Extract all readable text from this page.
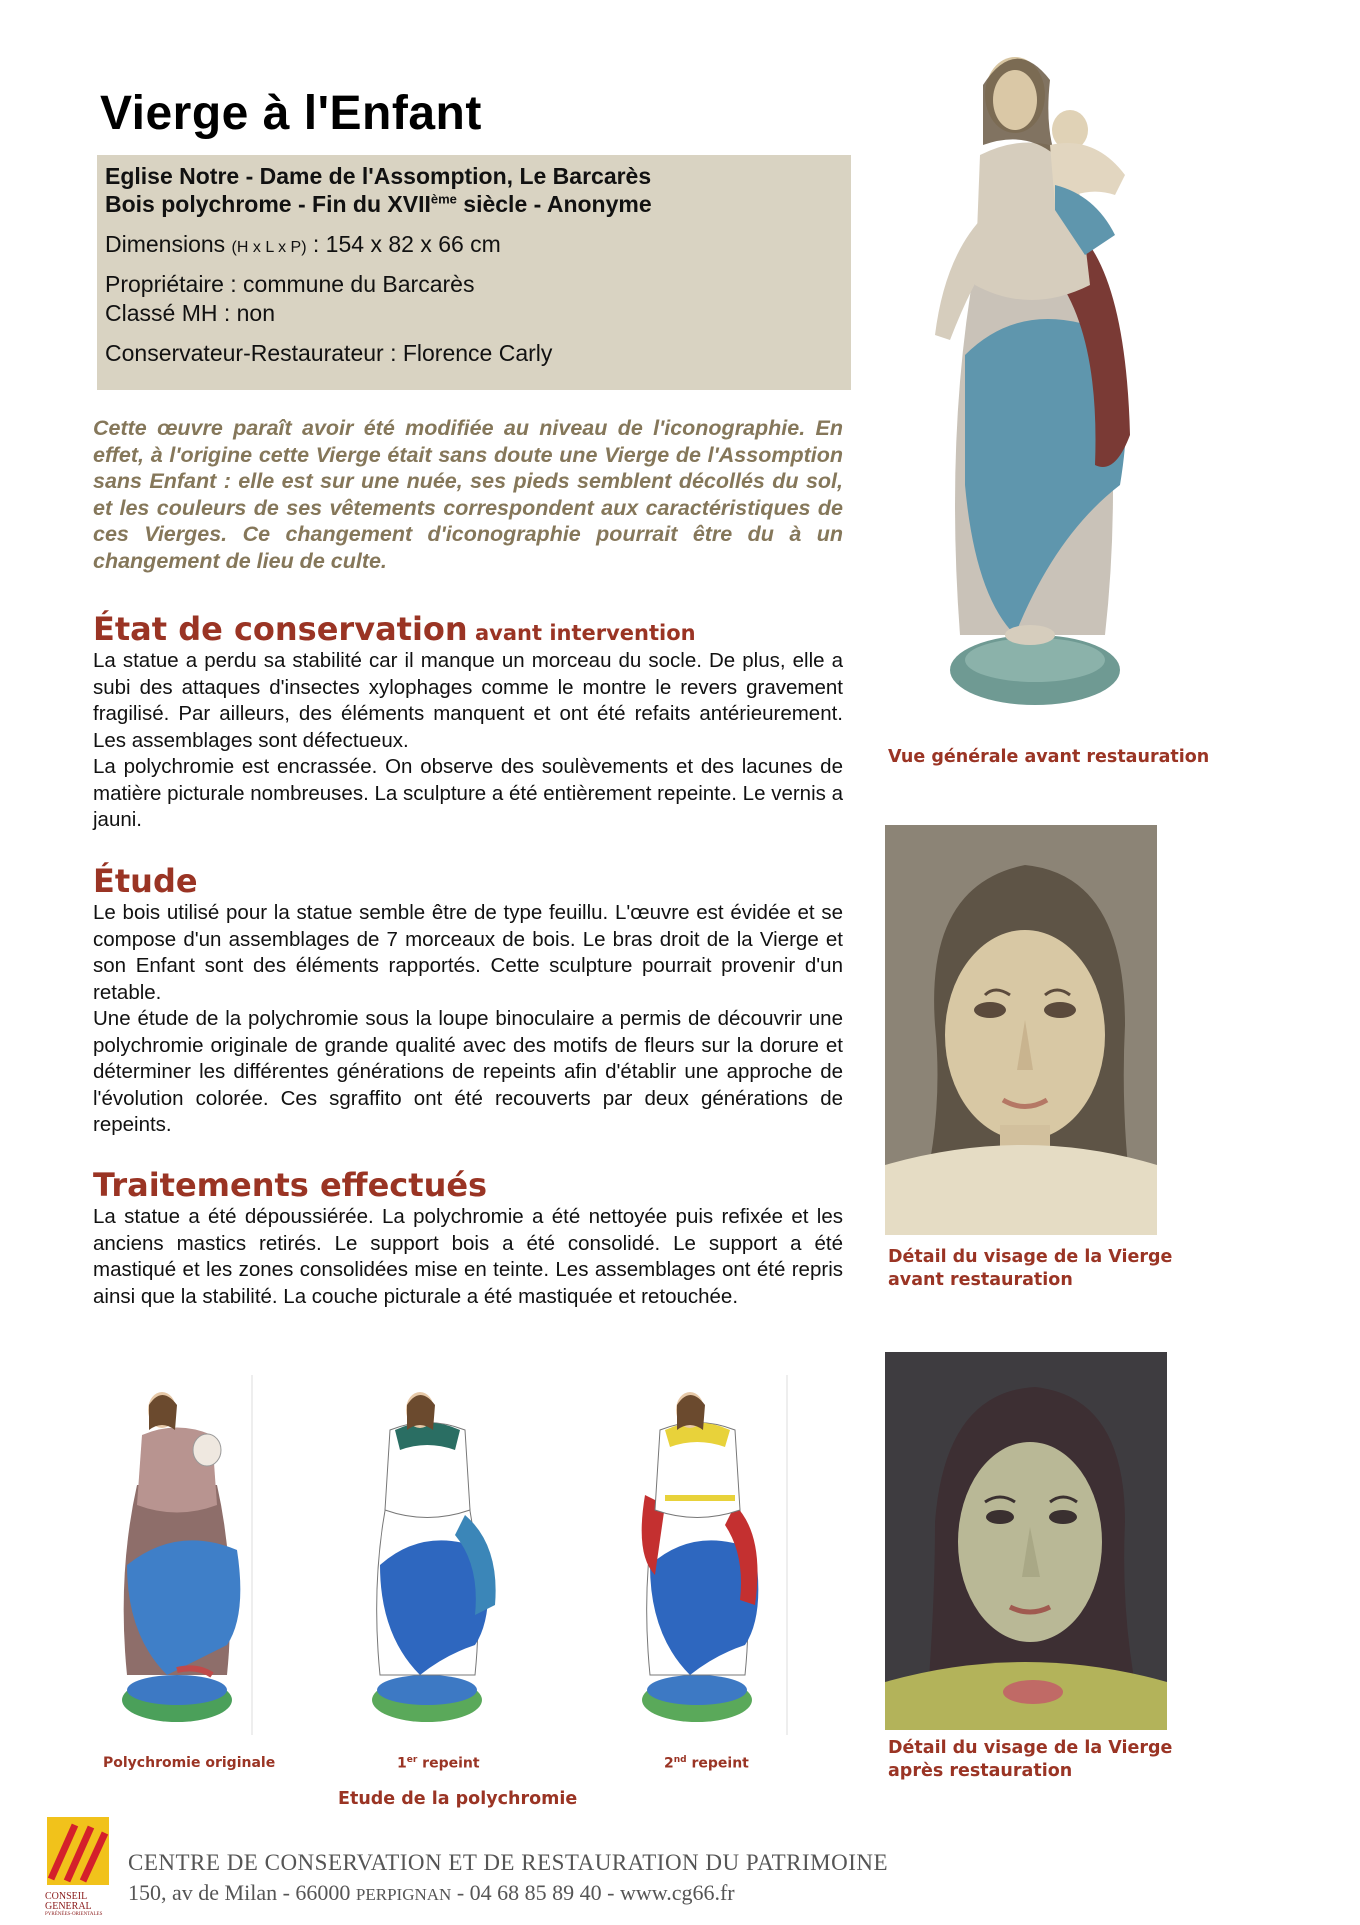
Vierge à l'Enfant
Eglise Notre - Dame de l'Assomption, Le Barcarès
Bois polychrome - Fin du XVIIème siècle - Anonyme
Dimensions (H x L x P) : 154 x 82 x 66 cm
Propriétaire : commune du Barcarès
Classé MH : non
Conservateur-Restaurateur : Florence Carly
Cette œuvre paraît avoir été modifiée au niveau de l'iconographie. En effet, à l'origine cette Vierge était sans doute une Vierge de l'Assomption sans Enfant : elle est sur une nuée, ses pieds semblent décollés du sol, et les couleurs de ses vêtements correspondent aux caractéristiques de ces Vierges. Ce changement d'iconographie pourrait être du à un changement de lieu de culte.
État de conservation avant intervention

La statue a perdu sa stabilité car il manque un morceau du socle. De plus, elle a subi des attaques d'insectes xylophages comme le montre le revers gravement fragilisé. Par ailleurs, des éléments manquent et ont été refaits antérieurement. Les assemblages sont défectueux.

La polychromie est encrassée. On observe des soulèvements et des lacunes de matière picturale nombreuses. La sculpture a été entièrement repeinte. Le vernis a jauni.

Étude

Le bois utilisé pour la statue semble être de type feuillu. L'œuvre est évidée et se compose d'un assemblages de 7 morceaux de bois. Le bras droit de la Vierge et son Enfant sont des éléments rapportés. Cette sculpture pourrait provenir d'un retable.

Une étude de la polychromie sous la loupe binoculaire a permis de découvrir une polychromie originale de grande qualité avec des motifs de fleurs sur la dorure et déterminer les différentes générations de repeints afin d'établir une approche de l'évolution colorée. Ces sgraffito ont été recouverts par deux générations de repeints.

Traitements effectués

La statue a été dépoussiérée. La polychromie a été nettoyée puis refixée et les anciens mastics retirés. Le support bois a été consolidé. Le support a été mastiqué et les zones consolidées mise en teinte. Les assemblages ont été repris ainsi que la stabilité. La couche picturale a été mastiquée et retouchée.

Vue générale avant restauration
Détail du visage de la Vierge
avant restauration
Détail du visage de la Vierge
après restauration
Polychromie originale	1er repeint	2nd repeint
Etude de la polychromie
CONSEIL
GENERAL
PYRÉNÉES-ORIENTALES
CENTRE DE CONSERVATION ET DE RESTAURATION DU PATRIMOINE
150, av de Milan - 66000 PERPIGNAN - 04 68 85 89 40 - www.cg66.fr
